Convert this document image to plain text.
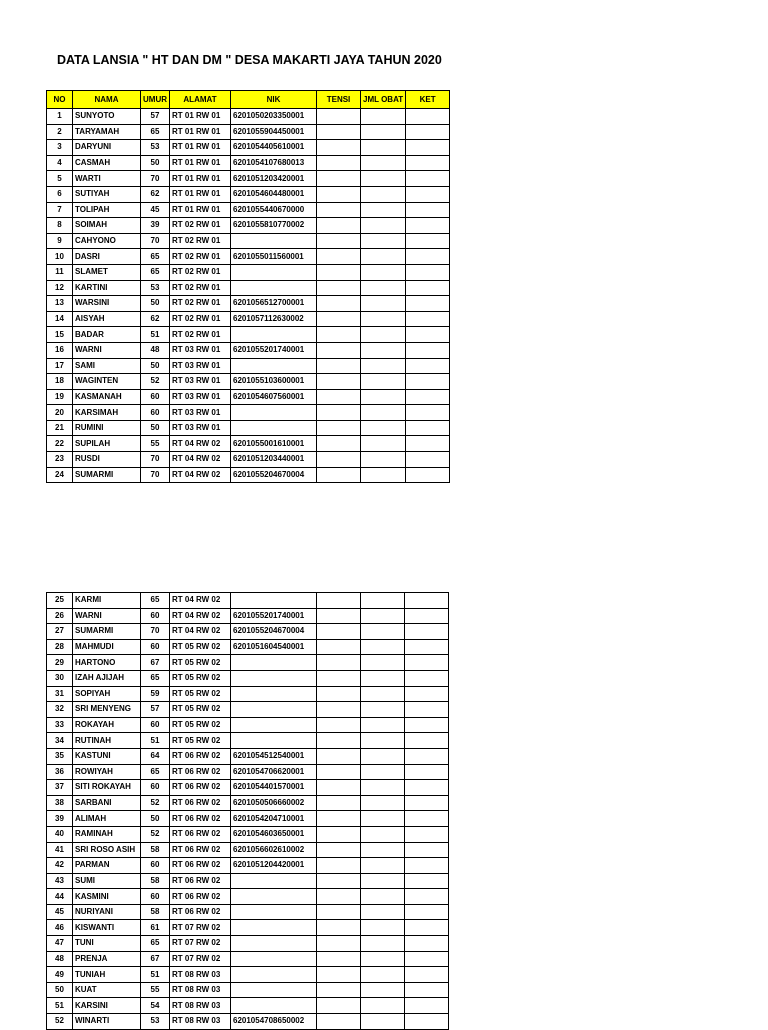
DATA LANSIA " HT DAN DM " DESA MAKARTI JAYA TAHUN 2020
NO	NAMA	UMUR	ALAMAT	NIK	TENSI	JML OBAT	KET
1	SUNYOTO	57	RT 01 RW 01	6201050203350001			
2	TARYAMAH	65	RT 01 RW 01	6201055904450001			
3	DARYUNI	53	RT 01 RW 01	6201054405610001			
4	CASMAH	50	RT 01 RW 01	6201054107680013			
5	WARTI	70	RT 01 RW 01	6201051203420001			
6	SUTIYAH	62	RT 01 RW 01	6201054604480001			
7	TOLIPAH	45	RT 01 RW 01	6201055440670000			
8	SOIMAH	39	RT 02 RW 01	6201055810770002			
9	CAHYONO	70	RT 02 RW 01				
10	DASRI	65	RT 02 RW 01	6201055011560001			
11	SLAMET	65	RT 02 RW 01				
12	KARTINI	53	RT 02 RW 01				
13	WARSINI	50	RT 02 RW 01	6201056512700001			
14	AISYAH	62	RT 02 RW 01	6201057112630002			
15	BADAR	51	RT 02 RW 01				
16	WARNI	48	RT 03 RW 01	6201055201740001			
17	SAMI	50	RT 03 RW 01				
18	WAGINTEN	52	RT 03 RW 01	6201055103600001			
19	KASMANAH	60	RT 03 RW 01	6201054607560001			
20	KARSIMAH	60	RT 03 RW 01				
21	RUMINI	50	RT 03 RW 01				
22	SUPILAH	55	RT 04 RW 02	6201055001610001			
23	RUSDI	70	RT 04 RW 02	6201051203440001			
24	SUMARMI	70	RT 04 RW 02	6201055204670004			
25	KARMI	65	RT 04 RW 02				
26	WARNI	60	RT 04 RW 02	6201055201740001			
27	SUMARMI	70	RT 04 RW 02	6201055204670004			
28	MAHMUDI	60	RT 05 RW 02	6201051604540001			
29	HARTONO	67	RT 05 RW 02				
30	IZAH AJIJAH	65	RT 05 RW 02				
31	SOPIYAH	59	RT 05 RW 02				
32	SRI MENYENG	57	RT 05 RW 02				
33	ROKAYAH	60	RT 05 RW 02				
34	RUTINAH	51	RT 05 RW 02				
35	KASTUNI	64	RT 06 RW 02	6201054512540001			
36	ROWIYAH	65	RT 06 RW 02	6201054706620001			
37	SITI ROKAYAH	60	RT 06 RW 02	6201054401570001			
38	SARBANI	52	RT 06 RW 02	6201050506660002			
39	ALIMAH	50	RT 06 RW 02	6201054204710001			
40	RAMINAH	52	RT 06 RW 02	6201054603650001			
41	SRI ROSO ASIH	58	RT 06 RW 02	6201056602610002			
42	PARMAN	60	RT 06 RW 02	6201051204420001			
43	SUMI	58	RT 06 RW 02				
44	KASMINI	60	RT 06 RW 02				
45	NURIYANI	58	RT 06 RW 02				
46	KISWANTI	61	RT 07 RW 02				
47	TUNI	65	RT 07 RW 02				
48	PRENJA	67	RT 07 RW 02				
49	TUNIAH	51	RT 08 RW 03				
50	KUAT	55	RT 08 RW 03				
51	KARSINI	54	RT 08 RW 03				
52	WINARTI	53	RT 08 RW 03	6201054708650002			
